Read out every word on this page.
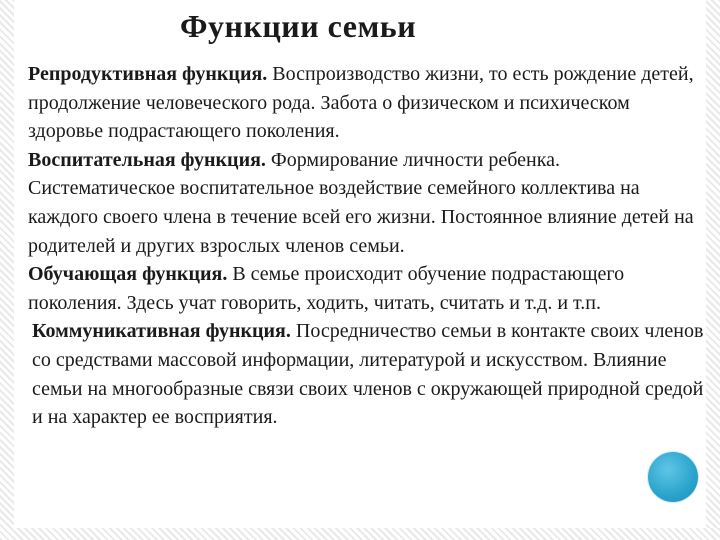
Функции семьи

Репродуктивная функция. Воспроизводство жизни, то есть рождение детей, продолжение человеческого рода. Забота о физическом и психическом здоровье подрастающего поколения.

Воспитательная функция. Формирование личности ребенка. Систематическое воспитательное воздействие семейного коллектива на каждого своего члена в течение всей его жизни. Постоянное влияние детей на родителей и других взрослых членов семьи.

Обучающая функция. В семье происходит обучение подрастающего поколения. Здесь учат говорить, ходить, читать, считать и т.д. и т.п.

Коммуникативная функция. Посредничество семьи в контакте своих членов со средствами массовой информации, литературой и искусством. Влияние семьи на многообразные связи своих членов с окружающей природной средой и на характер ее восприятия.
